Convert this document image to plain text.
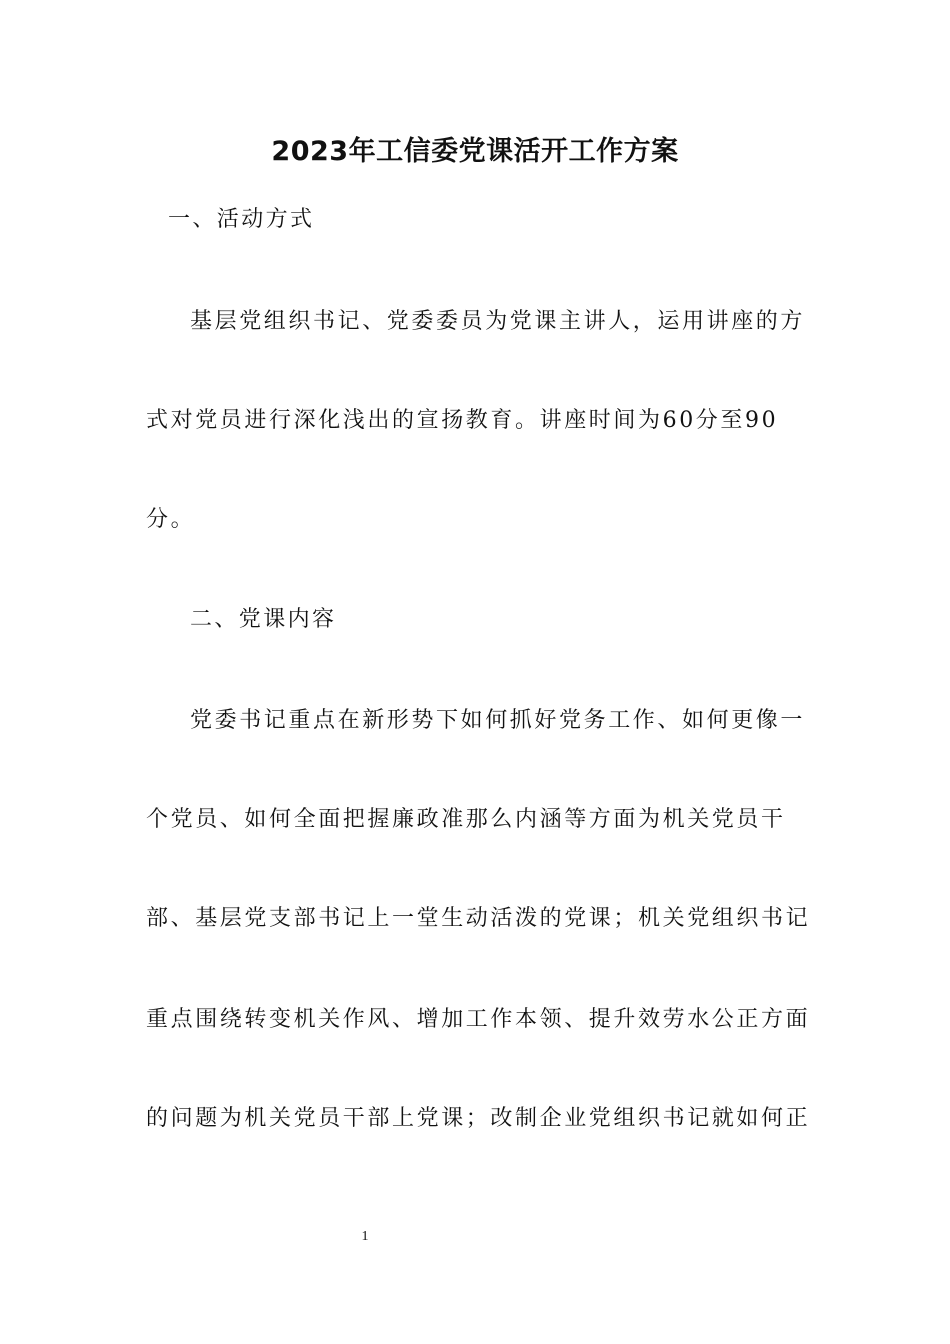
2023年工信委党课活开工作方案
一、活动方式
基层党组织书记、党委委员为党课主讲人，运用讲座的方
式对党员进行深化浅出的宣扬教育。讲座时间为60分至90
分。
二、党课内容
党委书记重点在新形势下如何抓好党务工作、如何更像一
个党员、如何全面把握廉政准那么内涵等方面为机关党员干
部、基层党支部书记上一堂生动活泼的党课；机关党组织书记
重点围绕转变机关作风、增加工作本领、提升效劳水公正方面
的问题为机关党员干部上党课；改制企业党组织书记就如何正
1
